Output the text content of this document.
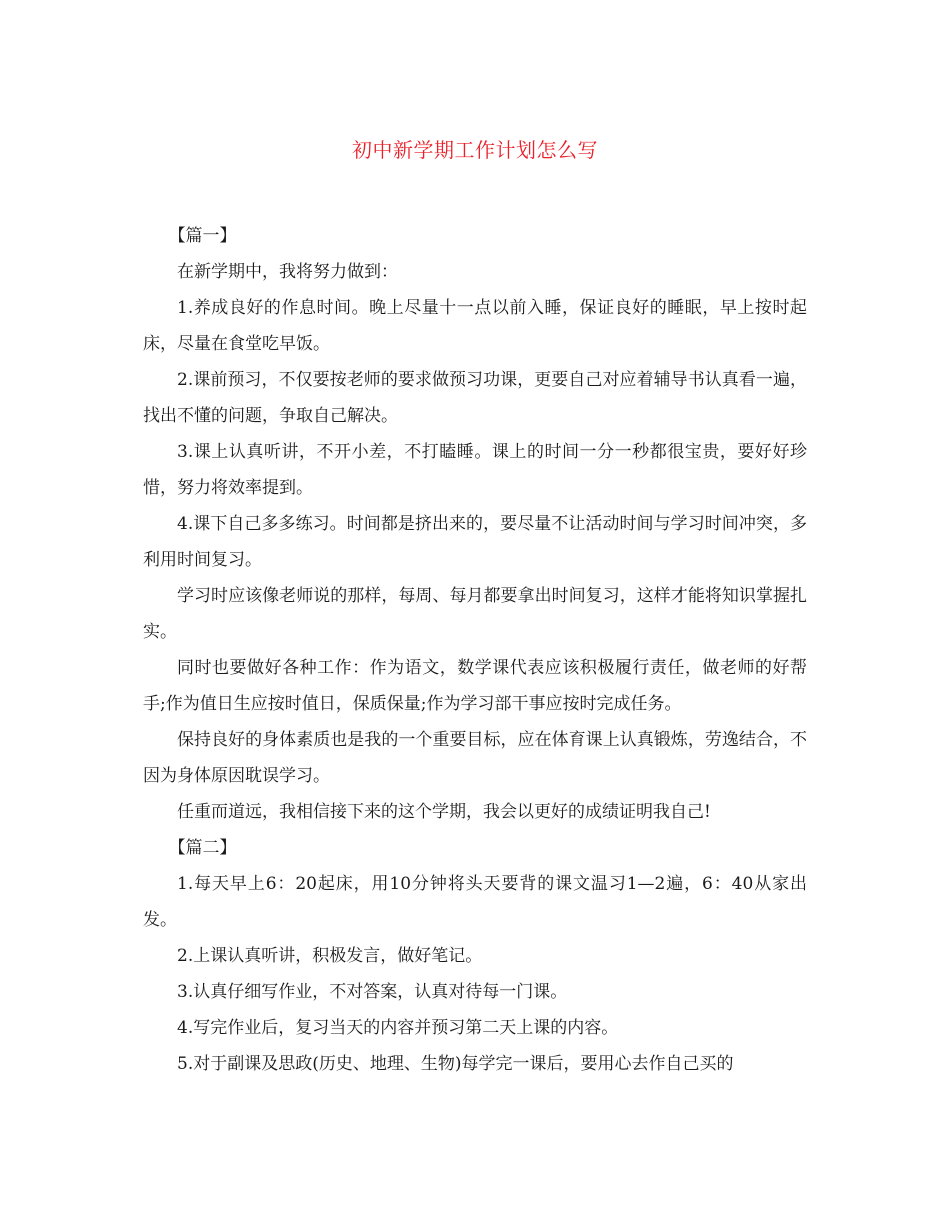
初中新学期工作计划怎么写

【篇一】

在新学期中，我将努力做到：

1.养成良好的作息时间。晚上尽量十一点以前入睡，保证良好的睡眠，早上按时起床，尽量在食堂吃早饭。

2.课前预习，不仅要按老师的要求做预习功课，更要自己对应着辅导书认真看一遍，找出不懂的问题，争取自己解决。

3.课上认真听讲，不开小差，不打瞌睡。课上的时间一分一秒都很宝贵，要好好珍惜，努力将效率提到。

4.课下自己多多练习。时间都是挤出来的，要尽量不让活动时间与学习时间冲突，多利用时间复习。

学习时应该像老师说的那样，每周、每月都要拿出时间复习，这样才能将知识掌握扎实。

同时也要做好各种工作：作为语文，数学课代表应该积极履行责任，做老师的好帮手;作为值日生应按时值日，保质保量;作为学习部干事应按时完成任务。

保持良好的身体素质也是我的一个重要目标，应在体育课上认真锻炼，劳逸结合，不因为身体原因耽误学习。

任重而道远，我相信接下来的这个学期，我会以更好的成绩证明我自己!

【篇二】

1.每天早上6：20起床，用10分钟将头天要背的课文温习1—2遍，6：40从家出发。

2.上课认真听讲，积极发言，做好笔记。

3.认真仔细写作业，不对答案，认真对待每一门课。

4.写完作业后，复习当天的内容并预习第二天上课的内容。

5.对于副课及思政(历史、地理、生物)每学完一课后，要用心去作自己买的
